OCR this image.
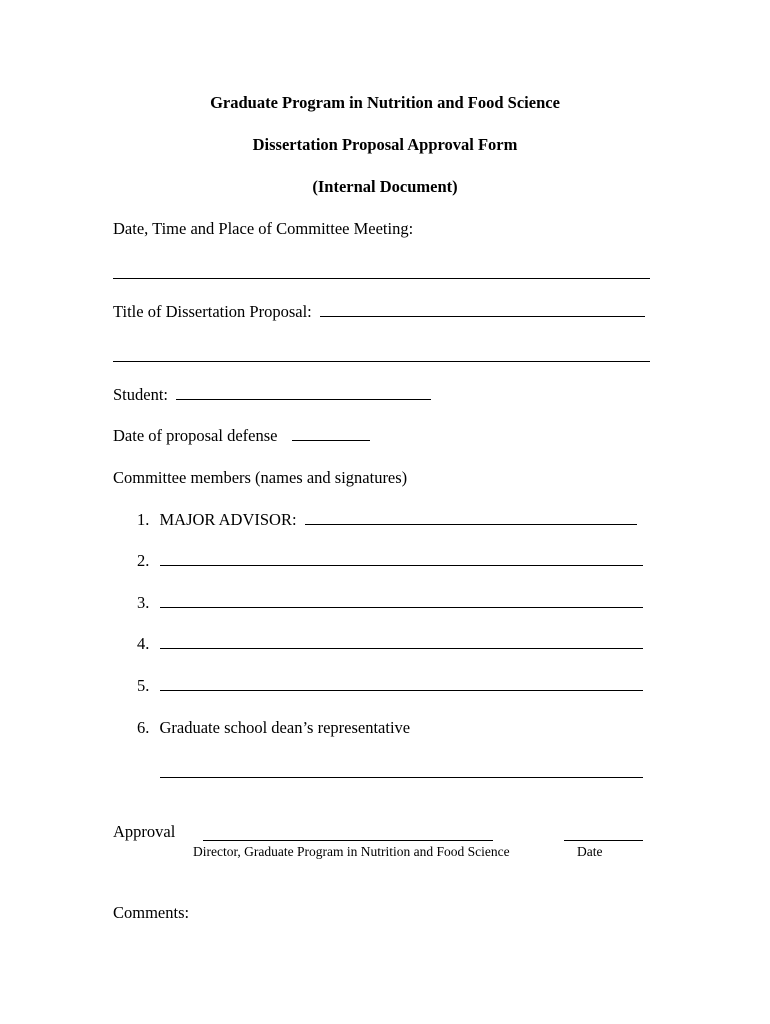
Graduate Program in Nutrition and Food Science
Dissertation Proposal Approval Form
(Internal Document)
Date, Time and Place of Committee Meeting:
Title of Dissertation Proposal:
Student:
Date of proposal defense
Committee members (names and signatures)
1. MAJOR ADVISOR:
2.
3.
4.
5.
6. Graduate school dean’s representative
Approval
Director, Graduate Program in Nutrition and Food Science	Date
Comments:
